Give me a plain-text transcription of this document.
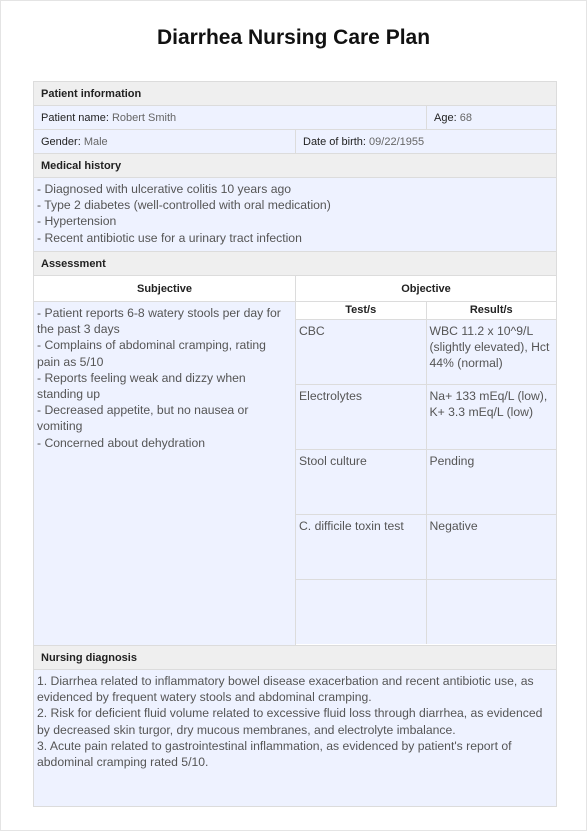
Diarrhea Nursing Care Plan
Patient information
Patient name: Robert Smith	Age: 68
Gender: Male	Date of birth: 09/22/1955
Medical history

- Diagnosed with ulcerative colitis 10 years ago
- Type 2 diabetes (well-controlled with oral medication)
- Hypertension
- Recent antibiotic use for a urinary tract infection

Assessment
Subjective	Objective

- Patient reports 6-8 watery stools per day for the past 3 days
- Complains of abdominal cramping, rating pain as 5/10
- Reports feeling weak and dizzy when standing up
- Decreased appetite, but no nausea or vomiting
- Concerned about dehydration

Test/s	Result/s
CBC	WBC 11.2 x 10^9/L (slightly elevated), Hct 44% (normal)
Electrolytes	Na+ 133 mEq/L (low), K+ 3.3 mEq/L (low)
Stool culture	Pending
C. difficile toxin test	Negative

Nursing diagnosis

1. Diarrhea related to inflammatory bowel disease exacerbation and recent antibiotic use, as evidenced by frequent watery stools and abdominal cramping.
2. Risk for deficient fluid volume related to excessive fluid loss through diarrhea, as evidenced by decreased skin turgor, dry mucous membranes, and electrolyte imbalance.
3. Acute pain related to gastrointestinal inflammation, as evidenced by patient's report of abdominal cramping rated 5/10.
